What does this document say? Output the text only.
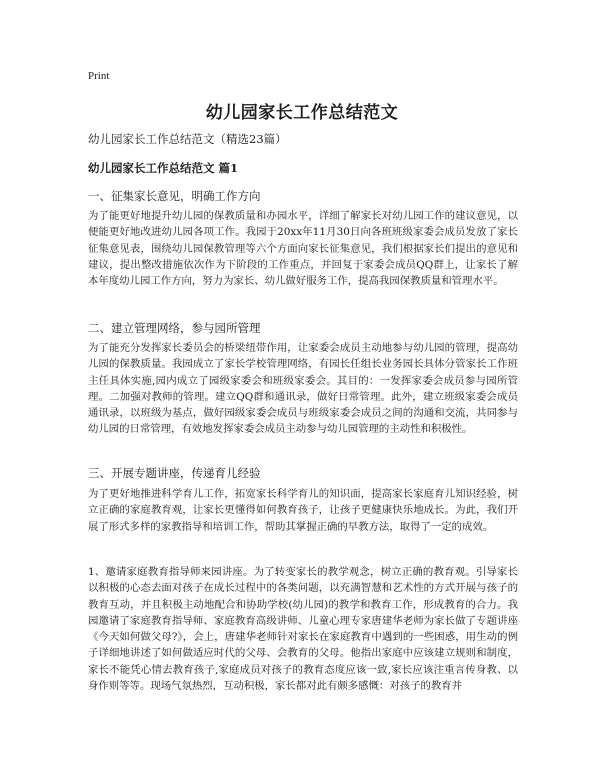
Print
幼儿园家长工作总结范文
幼儿园家长工作总结范文（精选23篇）
幼儿园家长工作总结范文 篇1
一、征集家长意见，明确工作方向

为了能更好地提升幼儿园的保教质量和办园水平，详细了解家长对幼儿园工作的建议意见，以便能更好地改进幼儿园各项工作。我园于20xx年11月30日向各班班级家委会成员发放了家长征集意见表，围绕幼儿园保教管理等六个方面向家长征集意见，我们根据家长们提出的意见和建议，提出整改措施依次作为下阶段的工作重点，并回复于家委会成员QQ群上，让家长了解本年度幼儿园工作方向，努力为家长、幼儿做好服务工作，提高我园保教质量和管理水平。

二、建立管理网络，参与园所管理

为了能充分发挥家长委员会的桥梁纽带作用，让家委会成员主动地参与幼儿园的管理，提高幼儿园的保教质量。我园成立了家长学校管理网络，有园长任组长业务园长具体分管家长工作班主任具体实施,园内成立了园级家委会和班级家委会。其目的：一发挥家委会成员参与园所管理。二加强对教师的管理。建立QQ群和通讯录，做好日常管理。此外，建立班级家委会成员通讯录，以班级为基点，做好园级家委会成员与班级家委会成员之间的沟通和交流，共同参与幼儿园的日常管理，有效地发挥家委会成员主动参与幼儿园管理的主动性和积极性。

三、开展专题讲座，传递育儿经验

为了更好地推进科学育儿工作，拓宽家长科学育儿的知识面，提高家长家庭育儿知识经验，树立正确的家庭教育观，让家长更懂得如何教育孩子，让孩子更健康快乐地成长。为此，我们开展了形式多样的家教指导和培训工作，帮助其掌握正确的早教方法，取得了一定的成效。

1、邀请家庭教育指导师来园讲座。为了转变家长的教学观念，树立正确的教育观。引导家长以积极的心态去面对孩子在成长过程中的各类问题，以充满智慧和艺术性的方式开展与孩子的教育互动，并且积极主动地配合和协助学校(幼儿园)的教学和教育工作，形成教育的合力。我园邀请了家庭教育指导师、家庭教育高级讲师、儿童心理专家唐建华老师为家长做了专题讲座《今天如何做父母?》，会上，唐建华老师针对家长在家庭教育中遇到的一些困惑，用生动的例子详细地讲述了如何做适应时代的父母、会教育的父母。他指出家庭中应该建立规则和制度，家长不能凭心情去教育孩子,家庭成员对孩子的教育态度应该一致,家长应该注重言传身教、以身作则等等。现场气氛热烈，互动积极，家长都对此有颇多感慨：对孩子的教育并
